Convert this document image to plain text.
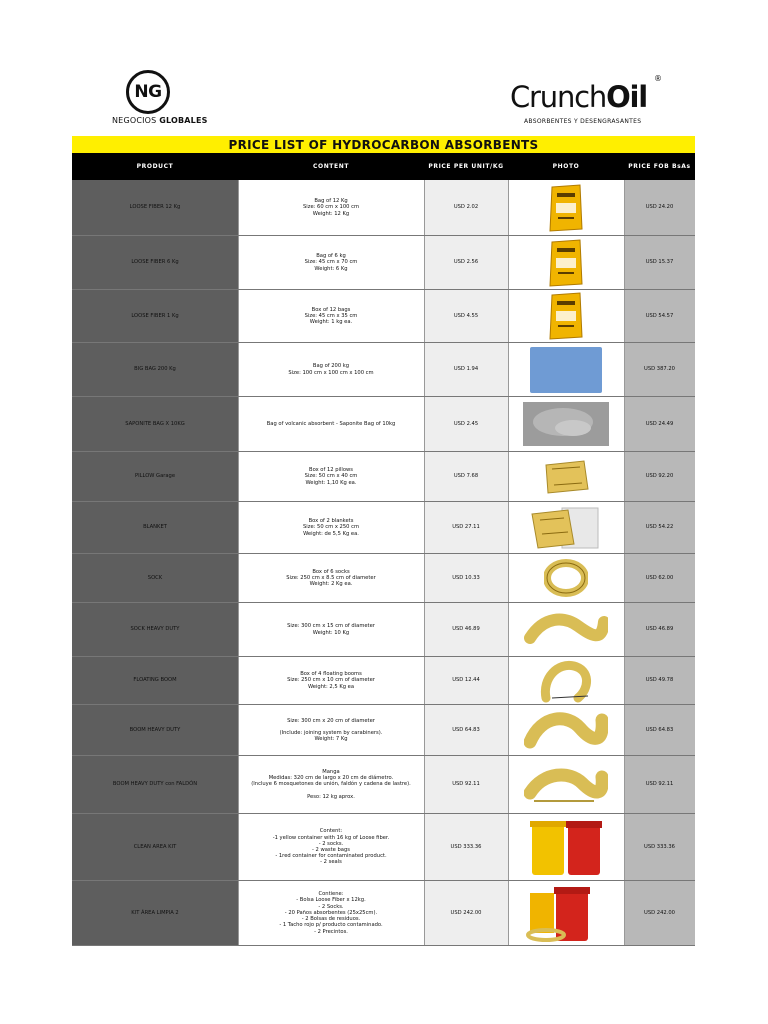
NG
NEGOCIOS GLOBALES
CrunchOil
®
ABSORBENTES Y DESENGRASANTES
PRICE LIST OF HYDROCARBON ABSORBENTS
PRODUCT	CONTENT	PRICE PER UNIT/KG	PHOTO	PRICE FOB BsAs
LOOSE FIBER 12 Kg
Bag of 12 Kg
Size: 60 cm x 100 cm
Weight: 12 Kg
USD 2.02	USD 24.20
LOOSE FIBER 6 Kg
Bag of 6 kg
Size: 45 cm x 70 cm
Weight: 6 Kg
USD 2.56	USD 15.37
LOOSE FIBER 1 Kg
Box of 12 bags
Size: 45 cm x 35 cm
Weight: 1 kg ea.
USD 4.55	USD 54.57
BIG BAG 200 Kg
Bag of 200 kg
Size: 100 cm x 100 cm x 100 cm
USD 1.94	USD 387.20
SAPONITE BAG X 10KG	Bag of volcanic absorbent - Saponite Bag of 10kg	USD 2.45	USD 24.49
PILLOW Garage
Box of 12 pillows
Size: 50 cm x 40 cm
Weight: 1,10 Kg ea.
USD 7.68	USD 92.20
BLANKET
Box of 2 blankets
Size: 50 cm x 250 cm
Weight: de 5,5 Kg ea.
USD 27.11	USD 54.22
SOCK
Box of 6 socks
Size: 250 cm x 8.5 cm of diameter
Weight: 2 Kg ea.
USD 10.33	USD 62.00
SOCK HEAVY DUTY
Size: 300 cm x 15 cm of diameter
Weight: 10 Kg
USD 46.89	USD 46.89
FLOATING BOOM
Box of 4 floating booms
Size: 250 cm x 10 cm of diameter
Weight: 2,5 Kg ea
USD 12.44	USD 49.78
BOOM HEAVY DUTY
Size: 300 cm x 20 cm of diameter

(Include: joining system by carabiners).
Weight: 7 Kg
USD 64.83	USD 64.83
BOOM HEAVY DUTY con FALDÓN
Manga
Medidas: 320 cm de largo x 20 cm de diámetro.
(Incluye 6 mosquetones de unión, faldón y cadena de lastre).

Peso: 12 kg aprox.
USD 92.11	USD 92.11
CLEAN AREA KIT
Content:
-1 yellow container with 16 kg of Loose fiber.
- 2 socks.
- 2 waste bags
- 1red container for contaminated product.
- 2 seals
USD 333.36	USD 333.36
KIT ÁREA LIMPIA 2
Contiene:
- Bolsa Loose Fiber x 12kg.
- 2 Socks.
- 20 Paños absorbentes (25x25cm).
- 2 Bolsas de residuos.
- 1 Tacho rojo p/ producto contaminado.
- 2 Precintos.
USD 242.00	USD 242.00
